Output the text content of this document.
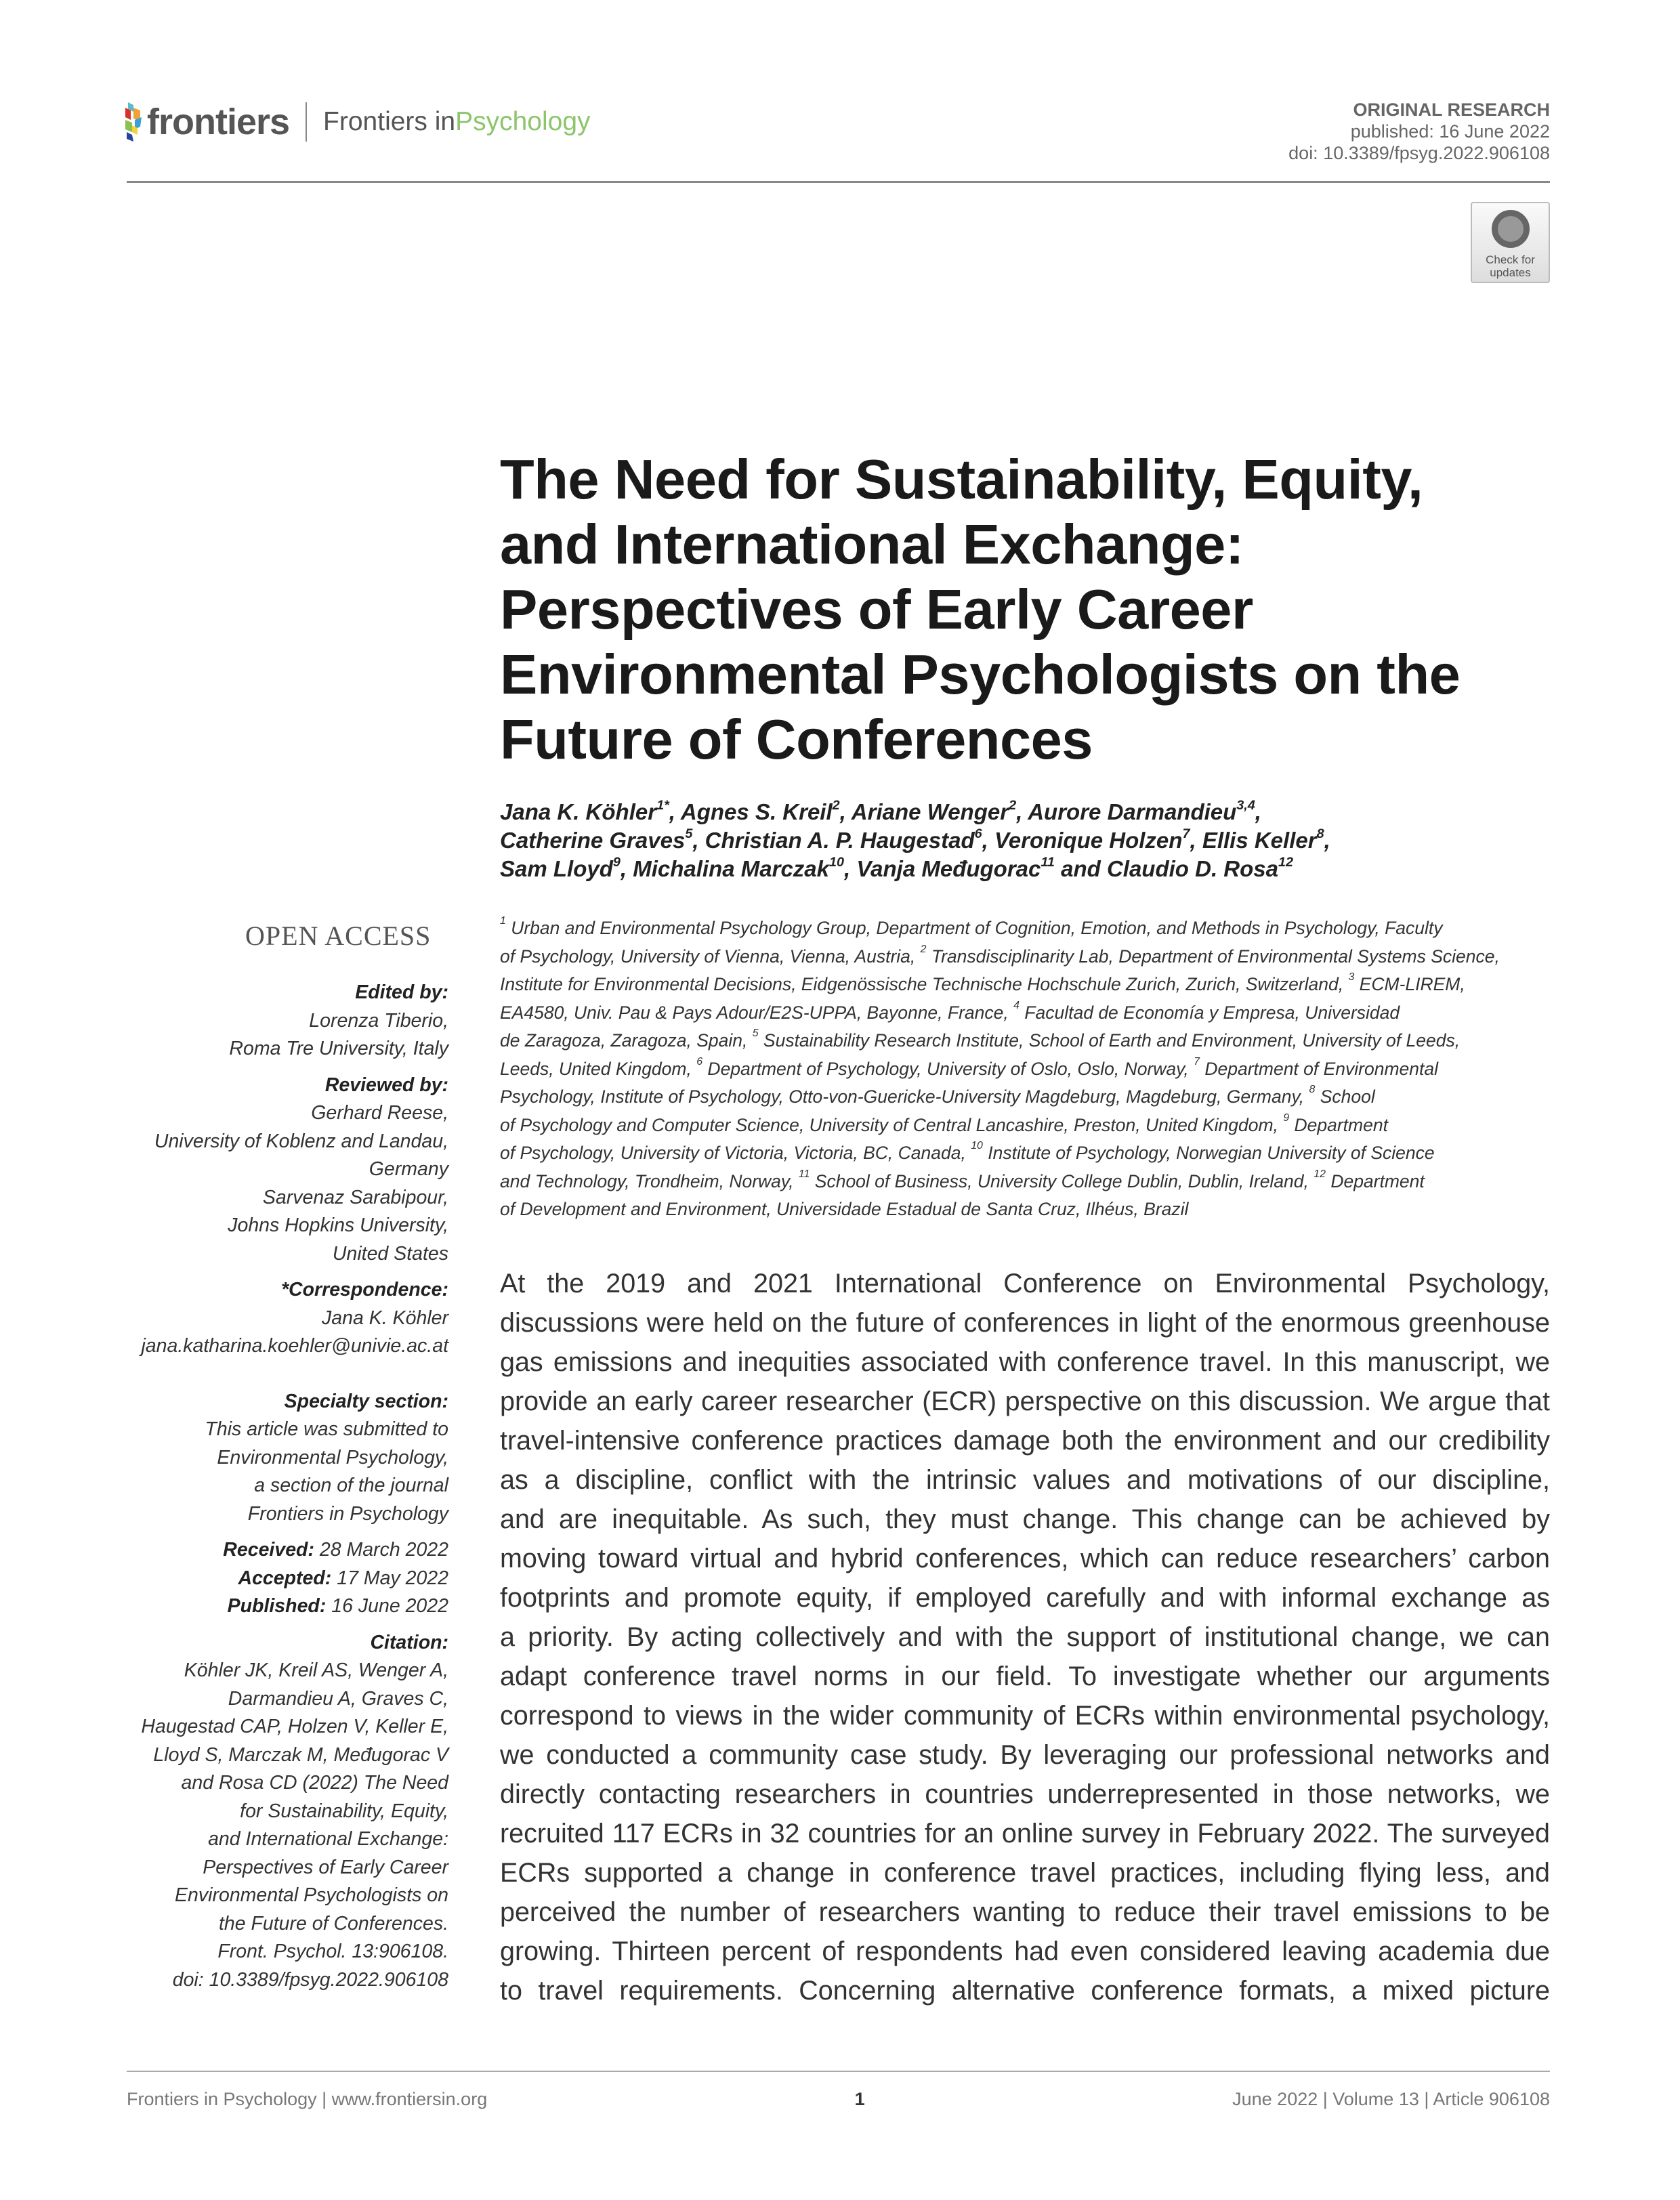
frontiers Frontiers in Psychology	ORIGINAL RESEARCH
published: 16 June 2022
doi: 10.3389/fpsyg.2022.906108
Check for
updates
The Need for Sustainability, Equity,
and International Exchange:
Perspectives of Early Career
Environmental Psychologists on the
Future of Conferences
Jana K. Köhler$^{1*}$, Agnes S. Kreil$^2$, Ariane Wenger$^2$, Aurore Darmandieu$^{3,4}$,
Catherine Graves$^5$, Christian A. P. Haugestad$^6$, Veronique Holzen$^7$, Ellis Keller$^8$,
Sam Lloyd$^9$, Michalina Marczak$^{10}$, Vanja Međugorac$^{11}$ and Claudio D. Rosa$^{12}$
$^1$ Urban and Environmental Psychology Group, Department of Cognition, Emotion, and Methods in Psychology, Faculty
of Psychology, University of Vienna, Vienna, Austria, $^2$ Transdisciplinarity Lab, Department of Environmental Systems Science,
Institute for Environmental Decisions, Eidgenössische Technische Hochschule Zurich, Zurich, Switzerland, $^3$ ECM-LIREM,
EA4580, Univ. Pau & Pays Adour/E2S-UPPA, Bayonne, France, $^4$ Facultad de Economía y Empresa, Universidad
de Zaragoza, Zaragoza, Spain, $^5$ Sustainability Research Institute, School of Earth and Environment, University of Leeds,
Leeds, United Kingdom, $^6$ Department of Psychology, University of Oslo, Oslo, Norway, $^7$ Department of Environmental
Psychology, Institute of Psychology, Otto-von-Guericke-University Magdeburg, Magdeburg, Germany, $^8$ School
of Psychology and Computer Science, University of Central Lancashire, Preston, United Kingdom, $^9$ Department
of Psychology, University of Victoria, Victoria, BC, Canada, $^{10}$ Institute of Psychology, Norwegian University of Science
and Technology, Trondheim, Norway, $^{11}$ School of Business, University College Dublin, Dublin, Ireland, $^{12}$ Department
of Development and Environment, Universidade Estadual de Santa Cruz, Ilhéus, Brazil
OPEN ACCESS
Edited by:
Lorenza Tiberio,
Roma Tre University, Italy
Reviewed by:
Gerhard Reese,
University of Koblenz and Landau,
Germany
Sarvenaz Sarabipour,
Johns Hopkins University,
United States
*Correspondence:
Jana K. Köhler
jana.katharina.koehler@univie.ac.at
Specialty section:
This article was submitted to
Environmental Psychology,
a section of the journal
Frontiers in Psychology
Received: 28 March 2022
Accepted: 17 May 2022
Published: 16 June 2022
Citation:
Köhler JK, Kreil AS, Wenger A,
Darmandieu A, Graves C,
Haugestad CAP, Holzen V, Keller E,
Lloyd S, Marczak M, Međugorac V
and Rosa CD (2022) The Need
for Sustainability, Equity,
and International Exchange:
Perspectives of Early Career
Environmental Psychologists on
the Future of Conferences.
Front. Psychol. 13:906108.
doi: 10.3389/fpsyg.2022.906108
At the 2019 and 2021 International Conference on Environmental Psychology,
discussions were held on the future of conferences in light of the enormous greenhouse
gas emissions and inequities associated with conference travel. In this manuscript, we
provide an early career researcher (ECR) perspective on this discussion. We argue that
travel-intensive conference practices damage both the environment and our credibility
as a discipline, conflict with the intrinsic values and motivations of our discipline,
and are inequitable. As such, they must change. This change can be achieved by
moving toward virtual and hybrid conferences, which can reduce researchers’ carbon
footprints and promote equity, if employed carefully and with informal exchange as
a priority. By acting collectively and with the support of institutional change, we can
adapt conference travel norms in our field. To investigate whether our arguments
correspond to views in the wider community of ECRs within environmental psychology,
we conducted a community case study. By leveraging our professional networks and
directly contacting researchers in countries underrepresented in those networks, we
recruited 117 ECRs in 32 countries for an online survey in February 2022. The surveyed
ECRs supported a change in conference travel practices, including flying less, and
perceived the number of researchers wanting to reduce their travel emissions to be
growing. Thirteen percent of respondents had even considered leaving academia due
to travel requirements. Concerning alternative conference formats, a mixed picture
Frontiers in Psychology | www.frontiersin.org	1	June 2022 | Volume 13 | Article 906108
